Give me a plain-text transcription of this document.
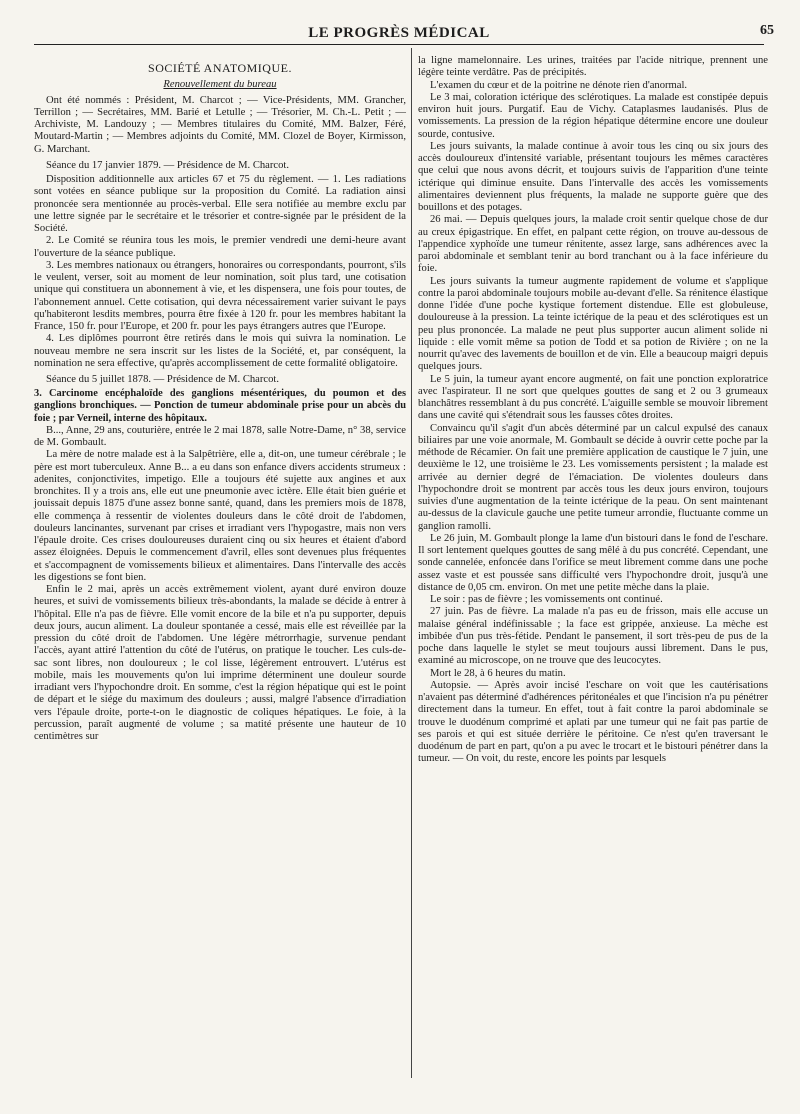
LE PROGRÈS MÉDICAL	65

SOCIÉTÉ ANATOMIQUE.

Renouvellement du bureau

Ont été nommés : Président, M. Charcot ; — Vice-Présidents, MM. Grancher, Terrillon ; — Secrétaires, MM. Barié et Letulle ; — Trésorier, M. Ch.-L. Petit ; — Archiviste, M. Landouzy ; — Membres titulaires du Comité, MM. Balzer, Féré, Moutard-Martin ; — Membres adjoints du Comité, MM. Clozel de Boyer, Kirmisson, G. Marchant.

Séance du 17 janvier 1879. — Présidence de M. Charcot.

Disposition additionnelle aux articles 67 et 75 du règlement. — 1. Les radiations sont votées en séance publique sur la proposition du Comité. La radiation ainsi prononcée sera mentionnée au procès-verbal. Elle sera notifiée au membre exclu par une lettre signée par le secrétaire et le trésorier et contre-signée par le président de la Société.

2. Le Comité se réunira tous les mois, le premier vendredi une demi-heure avant l'ouverture de la séance publique.

3. Les membres nationaux ou étrangers, honoraires ou correspondants, pourront, s'ils le veulent, verser, soit au moment de leur nomination, soit plus tard, une cotisation unique qui constituera un abonnement à vie, et les dispensera, une fois pour toutes, de l'abonnement annuel. Cette cotisation, qui devra nécessairement varier suivant le pays qu'habiteront lesdits membres, pourra être fixée à 120 fr. pour les membres habitant la France, 150 fr. pour l'Europe, et 200 fr. pour les pays étrangers autres que l'Europe.

4. Les diplômes pourront être retirés dans le mois qui suivra la nomination. Le nouveau membre ne sera inscrit sur les listes de la Société, et, par conséquent, la nomination ne sera effective, qu'après accomplissement de cette formalité obligatoire.

Séance du 5 juillet 1878. — Présidence de M. Charcot.

3. Carcinome encéphaloïde des ganglions mésentériques, du poumon et des ganglions bronchiques. — Ponction de tumeur abdominale prise pour un abcès du foie ; par Verneil, interne des hôpitaux.

B..., Anne, 29 ans, couturière, entrée le 2 mai 1878, salle Notre-Dame, n° 38, service de M. Gombault.

La mère de notre malade est à la Salpêtrière, elle a, dit-on, une tumeur cérébrale ; le père est mort tuberculeux. Anne B... a eu dans son enfance divers accidents strumeux : adenites, conjonctivites, impetigo. Elle a toujours été sujette aux angines et aux bronchites. Il y a trois ans, elle eut une pneumonie avec ictère. Elle était bien guérie et jouissait depuis 1875 d'une assez bonne santé, quand, dans les premiers mois de 1878, elle commença à ressentir de violentes douleurs dans le côté droit de l'abdomen, douleurs lancinantes, survenant par crises et irradiant vers l'hypogastre, mais non vers l'épaule droite. Ces crises douloureuses duraient cinq ou six heures et étaient d'abord assez éloignées. Depuis le commencement d'avril, elles sont devenues plus fréquentes et s'accompagnent de vomissements bilieux et alimentaires. Dans l'intervalle des accès les digestions se font bien.

Enfin le 2 mai, après un accès extrêmement violent, ayant duré environ douze heures, et suivi de vomissements bilieux très-abondants, la malade se décide à entrer à l'hôpital. Elle n'a pas de fièvre. Elle vomit encore de la bile et n'a pu supporter, depuis deux jours, aucun aliment. La douleur spontanée a cessé, mais elle est réveillée par la pression du côté droit de l'abdomen. Une légère métrorrhagie, survenue pendant l'accès, ayant attiré l'attention du côté de l'utérus, on pratique le toucher. Les culs-de-sac sont libres, non douloureux ; le col lisse, légèrement entrouvert. L'utérus est mobile, mais les mouvements qu'on lui imprime déterminent une douleur sourde irradiant vers l'hypochondre droit. En somme, c'est la région hépatique qui est le point de départ et le siége du maximum des douleurs ; aussi, malgré l'absence d'irradiation vers l'épaule droite, porte-t-on le diagnostic de coliques hépatiques. Le foie, à la percussion, paraît augmenté de volume ; sa matité présente une hauteur de 10 centimètres sur

la ligne mamelonnaire. Les urines, traitées par l'acide nitrique, prennent une légère teinte verdâtre. Pas de précipités.

L'examen du cœur et de la poitrine ne dénote rien d'anormal.

Le 3 mai, coloration ictérique des sclérotiques. La malade est constipée depuis environ huit jours. Purgatif. Eau de Vichy. Cataplasmes laudanisés. Plus de vomissements. La pression de la région hépatique détermine encore une douleur sourde, contusive.

Les jours suivants, la malade continue à avoir tous les cinq ou six jours des accès douloureux d'intensité variable, présentant toujours les mêmes caractères que celui que nous avons décrit, et toujours suivis de l'apparition d'une teinte ictérique qui diminue ensuite. Dans l'intervalle des accès les vomissements alimentaires deviennent plus fréquents, la malade ne supporte guère que des bouillons et des potages.

26 mai. — Depuis quelques jours, la malade croit sentir quelque chose de dur au creux épigastrique. En effet, en palpant cette région, on trouve au-dessous de l'appendice xyphoïde une tumeur rénitente, assez large, sans adhérences avec la paroi abdominale et semblant tenir au bord tranchant ou à la face inférieure du foie.

Les jours suivants la tumeur augmente rapidement de volume et s'applique contre la paroi abdominale toujours mobile au-devant d'elle. Sa rénitence élastique donne l'idée d'une poche kystique fortement distendue. Elle est globuleuse, douloureuse à la pression. La teinte ictérique de la peau et des sclérotiques est un peu plus prononcée. La malade ne peut plus supporter aucun aliment solide ni liquide : elle vomit même sa potion de Todd et sa potion de Rivière ; on ne la nourrit qu'avec des lavements de bouillon et de vin. Elle a beaucoup maigri depuis quelques jours.

Le 5 juin, la tumeur ayant encore augmenté, on fait une ponction exploratrice avec l'aspirateur. Il ne sort que quelques gouttes de sang et 2 ou 3 grumeaux blanchâtres ressemblant à du pus concrété. L'aiguille semble se mouvoir librement dans une cavité qui s'étendrait sous les fausses côtes droites.

Convaincu qu'il s'agit d'un abcès déterminé par un calcul expulsé des canaux biliaires par une voie anormale, M. Gombault se décide à ouvrir cette poche par la méthode de Récamier. On fait une première application de caustique le 7 juin, une deuxième le 12, une troisième le 23. Les vomissements persistent ; la malade est arrivée au dernier degré de l'émaciation. De violentes douleurs dans l'hypochondre droit se montrent par accès tous les deux jours environ, toujours suivies d'une augmentation de la teinte ictérique de la peau. On sent maintenant au-dessus de la clavicule gauche une petite tumeur arrondie, fluctuante comme un ganglion ramolli.

Le 26 juin, M. Gombault plonge la lame d'un bistouri dans le fond de l'eschare. Il sort lentement quelques gouttes de sang mêlé à du pus concrété. Cependant, une sonde cannelée, enfoncée dans l'orifice se meut librement comme dans une poche assez vaste et est poussée sans difficulté vers l'hypochondre droit, jusqu'à une distance de 0,05 cm. environ. On met une petite mèche dans la plaie.

Le soir : pas de fièvre ; les vomissements ont continué.

27 juin. Pas de fièvre. La malade n'a pas eu de frisson, mais elle accuse un malaise général indéfinissable ; la face est grippée, anxieuse. La mèche est imbibée d'un pus très-fétide. Pendant le pansement, il sort très-peu de pus de la poche dans laquelle le stylet se meut toujours aussi librement. Dans le pus, examiné au microscope, on ne trouve que des leucocytes.

Mort le 28, à 6 heures du matin.

Autopsie. — Après avoir incisé l'eschare on voit que les cautérisations n'avaient pas déterminé d'adhérences péritonéales et que l'incision n'a pu pénétrer directement dans la tumeur. En effet, tout à fait contre la paroi abdominale se trouve le duodénum comprimé et aplati par une tumeur qui ne fait pas partie de ses parois et qui est située derrière le péritoine. Ce n'est qu'en traversant le duodénum de part en part, qu'on a pu avec le trocart et le bistouri pénétrer dans la tumeur. — On voit, du reste, encore les points par lesquels
